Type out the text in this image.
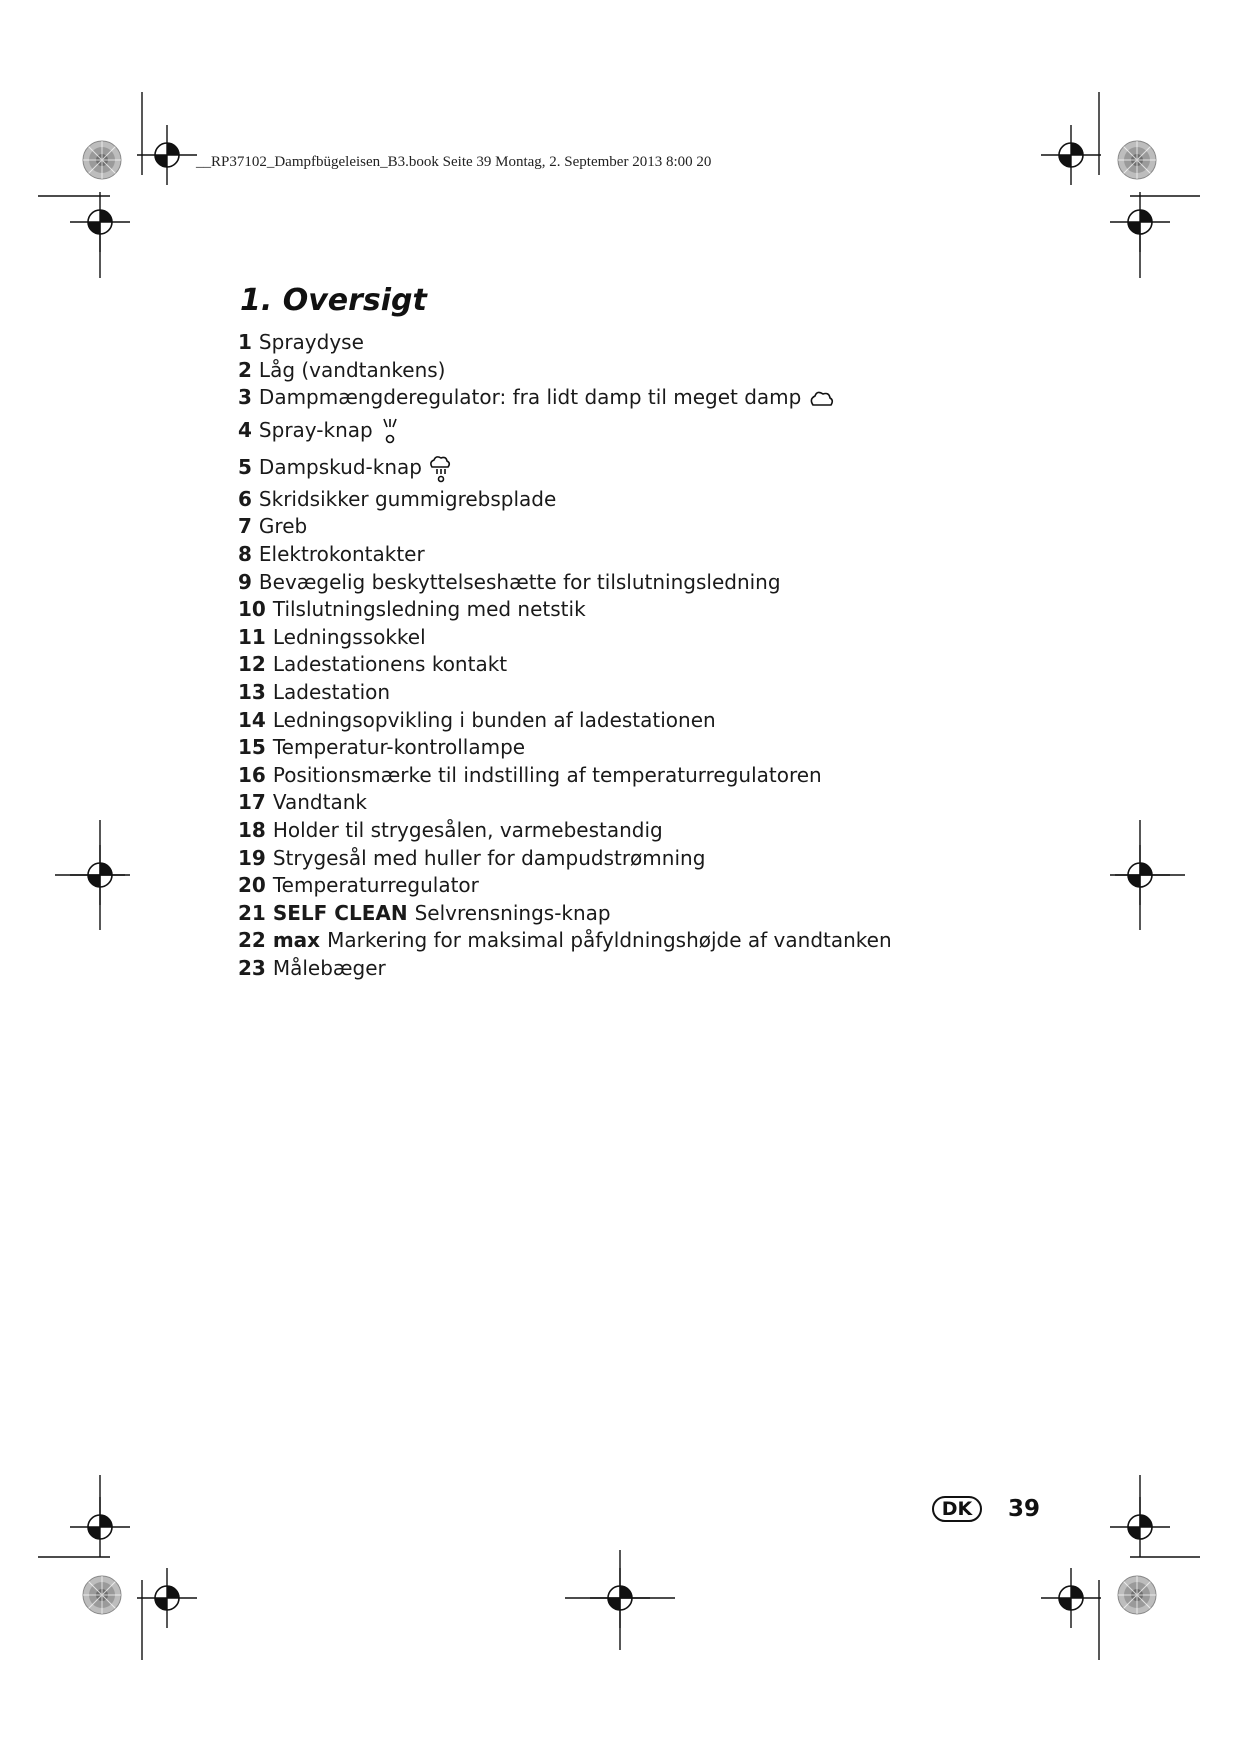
__RP37102_Dampfbügeleisen_B3.book Seite 39 Montag, 2. September 2013 8:00 20
1. Oversigt
1 Spraydyse
2 Låg (vandtankens)
3 Dampmængderegulator: fra lidt damp til meget damp
4 Spray-knap
5 Dampskud-knap
6 Skridsikker gummigrebsplade
7 Greb
8 Elektrokontakter
9 Bevægelig beskyttelseshætte for tilslutningsledning
10 Tilslutningsledning med netstik
11 Ledningssokkel
12 Ladestationens kontakt
13 Ladestation
14 Ledningsopvikling i bunden af ladestationen
15 Temperatur-kontrollampe
16 Positionsmærke til indstilling af temperaturregulatoren
17 Vandtank
18 Holder til strygesålen, varmebestandig
19 Strygesål med huller for dampudstrømning
20 Temperaturregulator
21 SELF CLEAN Selvrensnings-knap
22 max Markering for maksimal påfyldningshøjde af vandtanken
23 Målebæger
DK	39
